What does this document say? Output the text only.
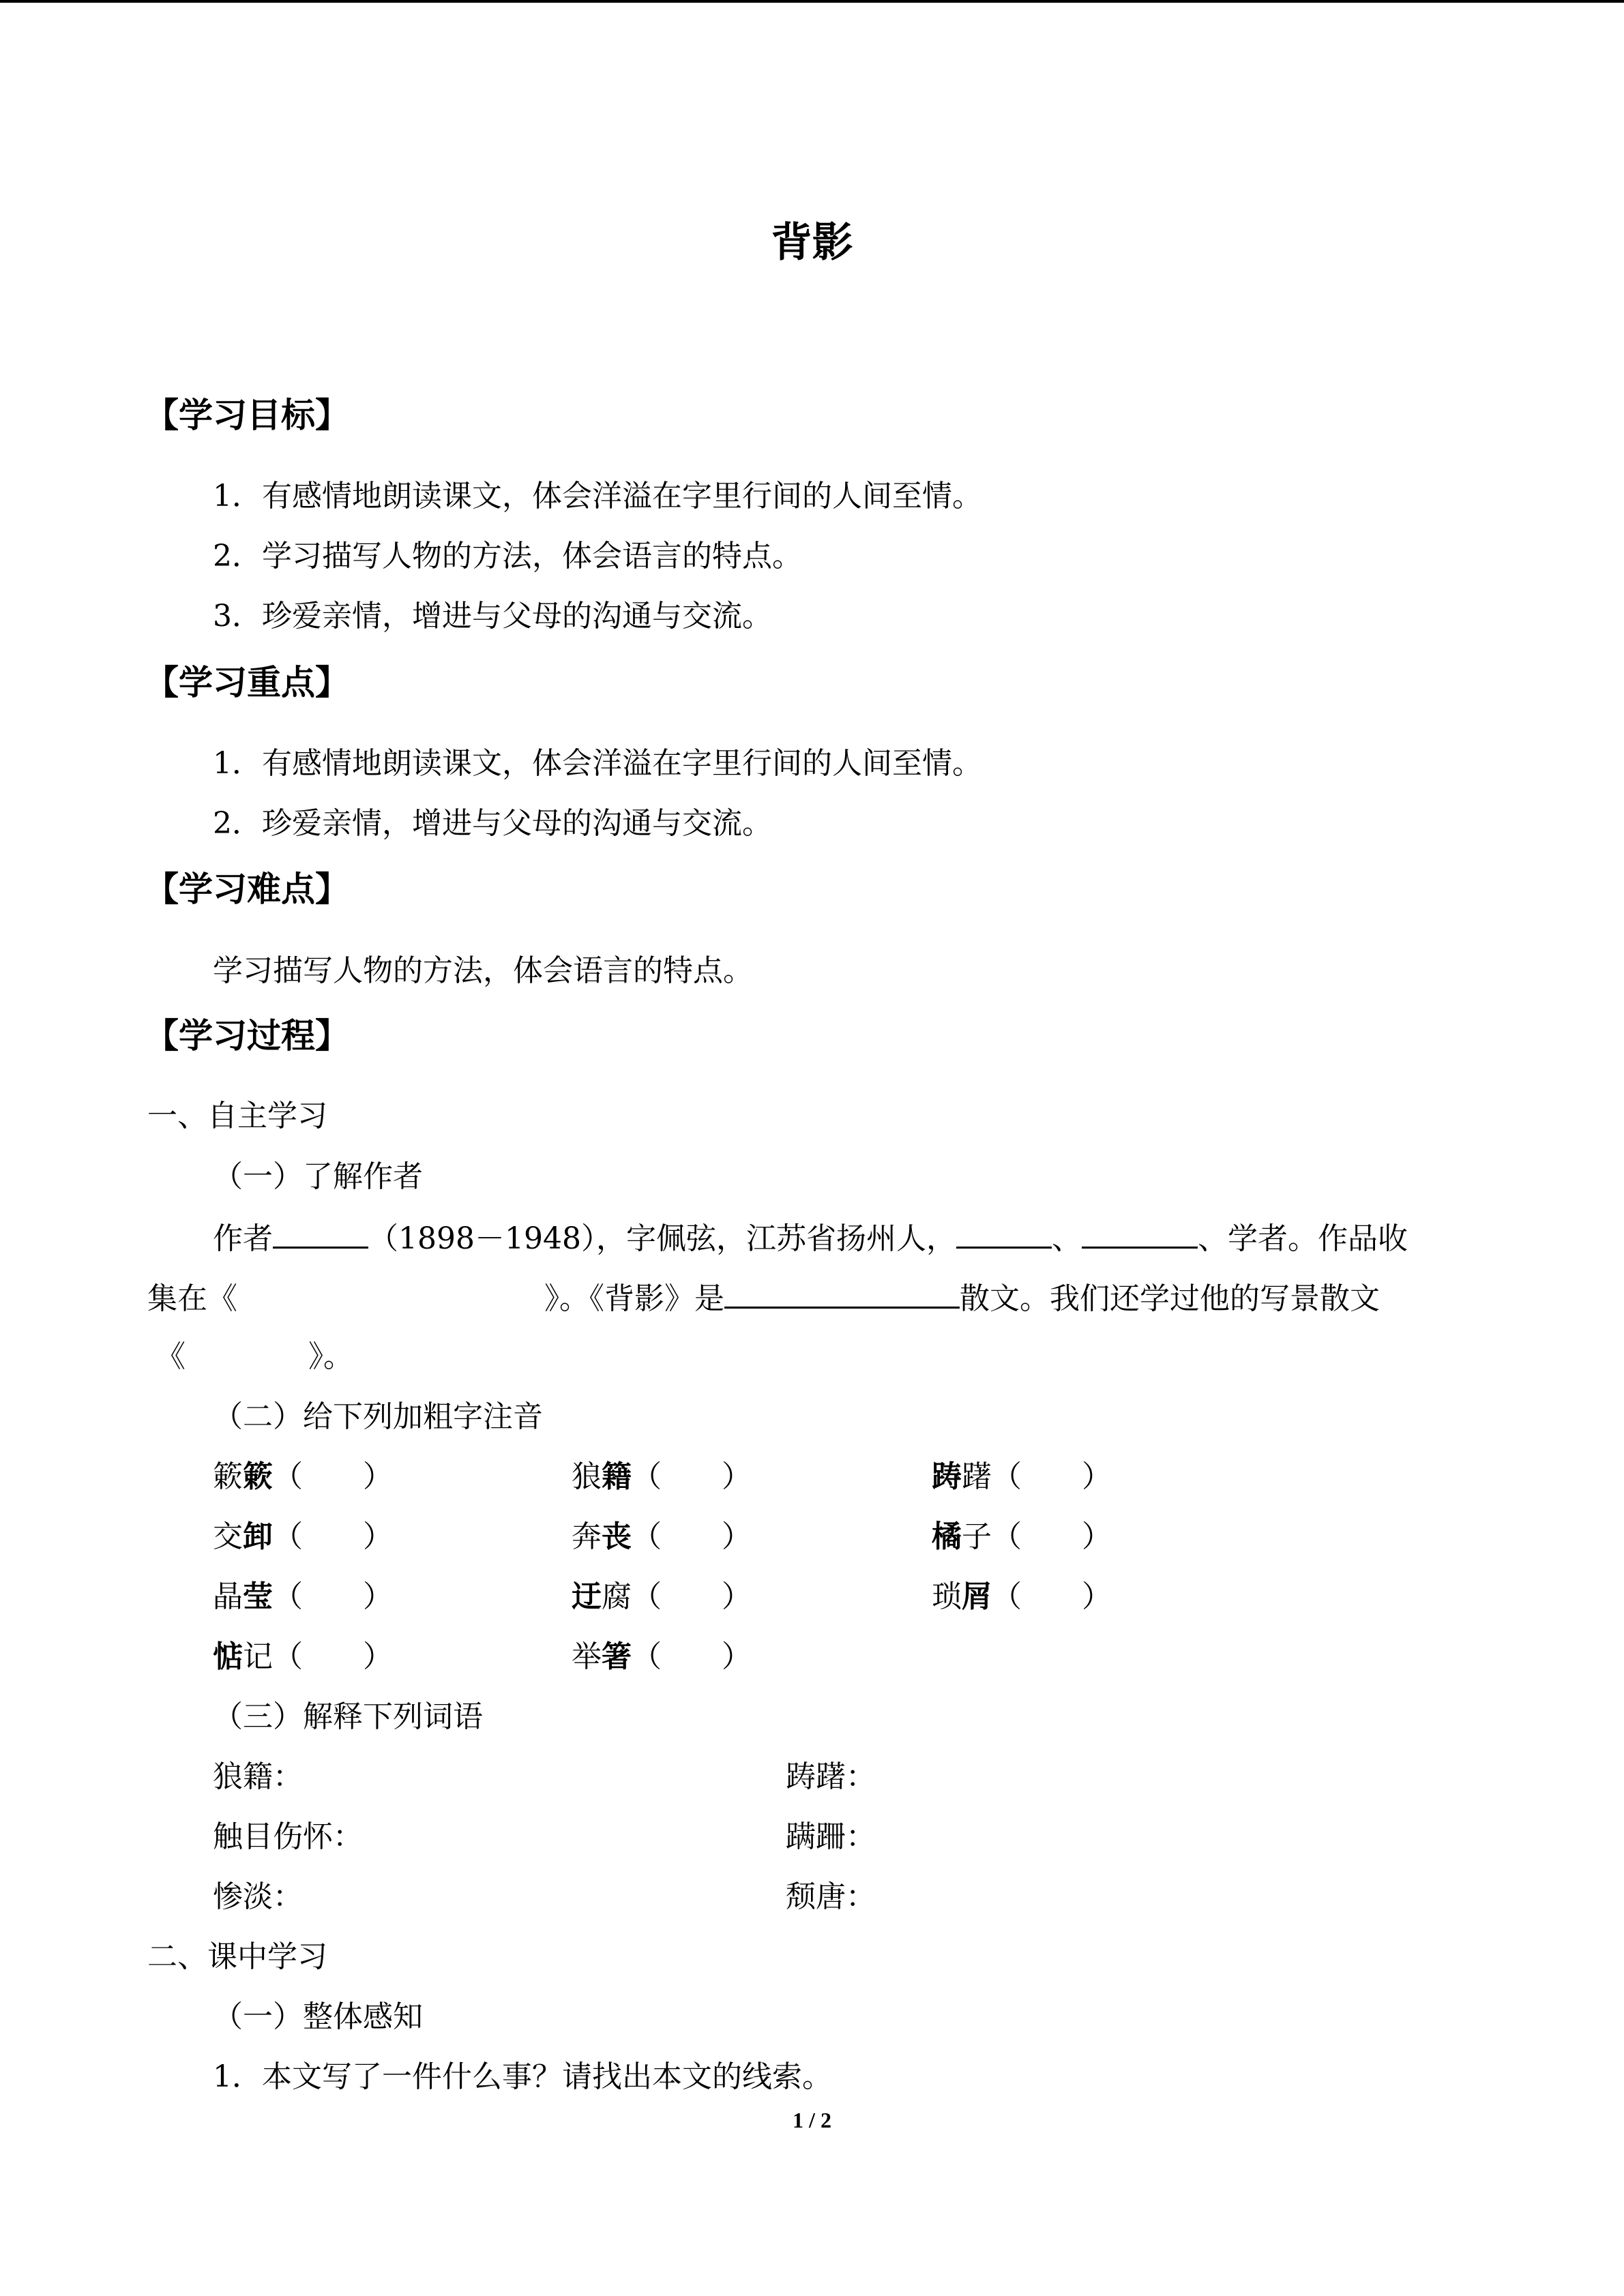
背影
【学习目标】
1．有感情地朗读课文，体会洋溢在字里行间的人间至情。
2．学习描写人物的方法，体会语言的特点。
3．珍爱亲情，增进与父母的沟通与交流。
【学习重点】
1．有感情地朗读课文，体会洋溢在字里行间的人间至情。
2．珍爱亲情，增进与父母的沟通与交流。
【学习难点】
学习描写人物的方法，体会语言的特点。
【学习过程】
一、自主学习
（一）了解作者
作者	（1898－1948），字佩弦，江苏省扬州人，	、	、学者。作品收
集在《	》。《背影》是	散文。我们还学过他的写景散文
《	》。
（二）给下列加粗字注音
簌簌（　　）	狼籍（　　）	踌躇（　　）
交卸（　　）	奔丧（　　）	橘子（　　）
晶莹（　　）	迂腐（　　）	琐屑（　　）
惦记（　　）	举箸（　　）
（三）解释下列词语
狼籍：	踌躇：
触目伤怀：	蹒跚：
惨淡：	颓唐：
二、课中学习
（一）整体感知
1．本文写了一件什么事？请找出本文的线索。
1 / 2
